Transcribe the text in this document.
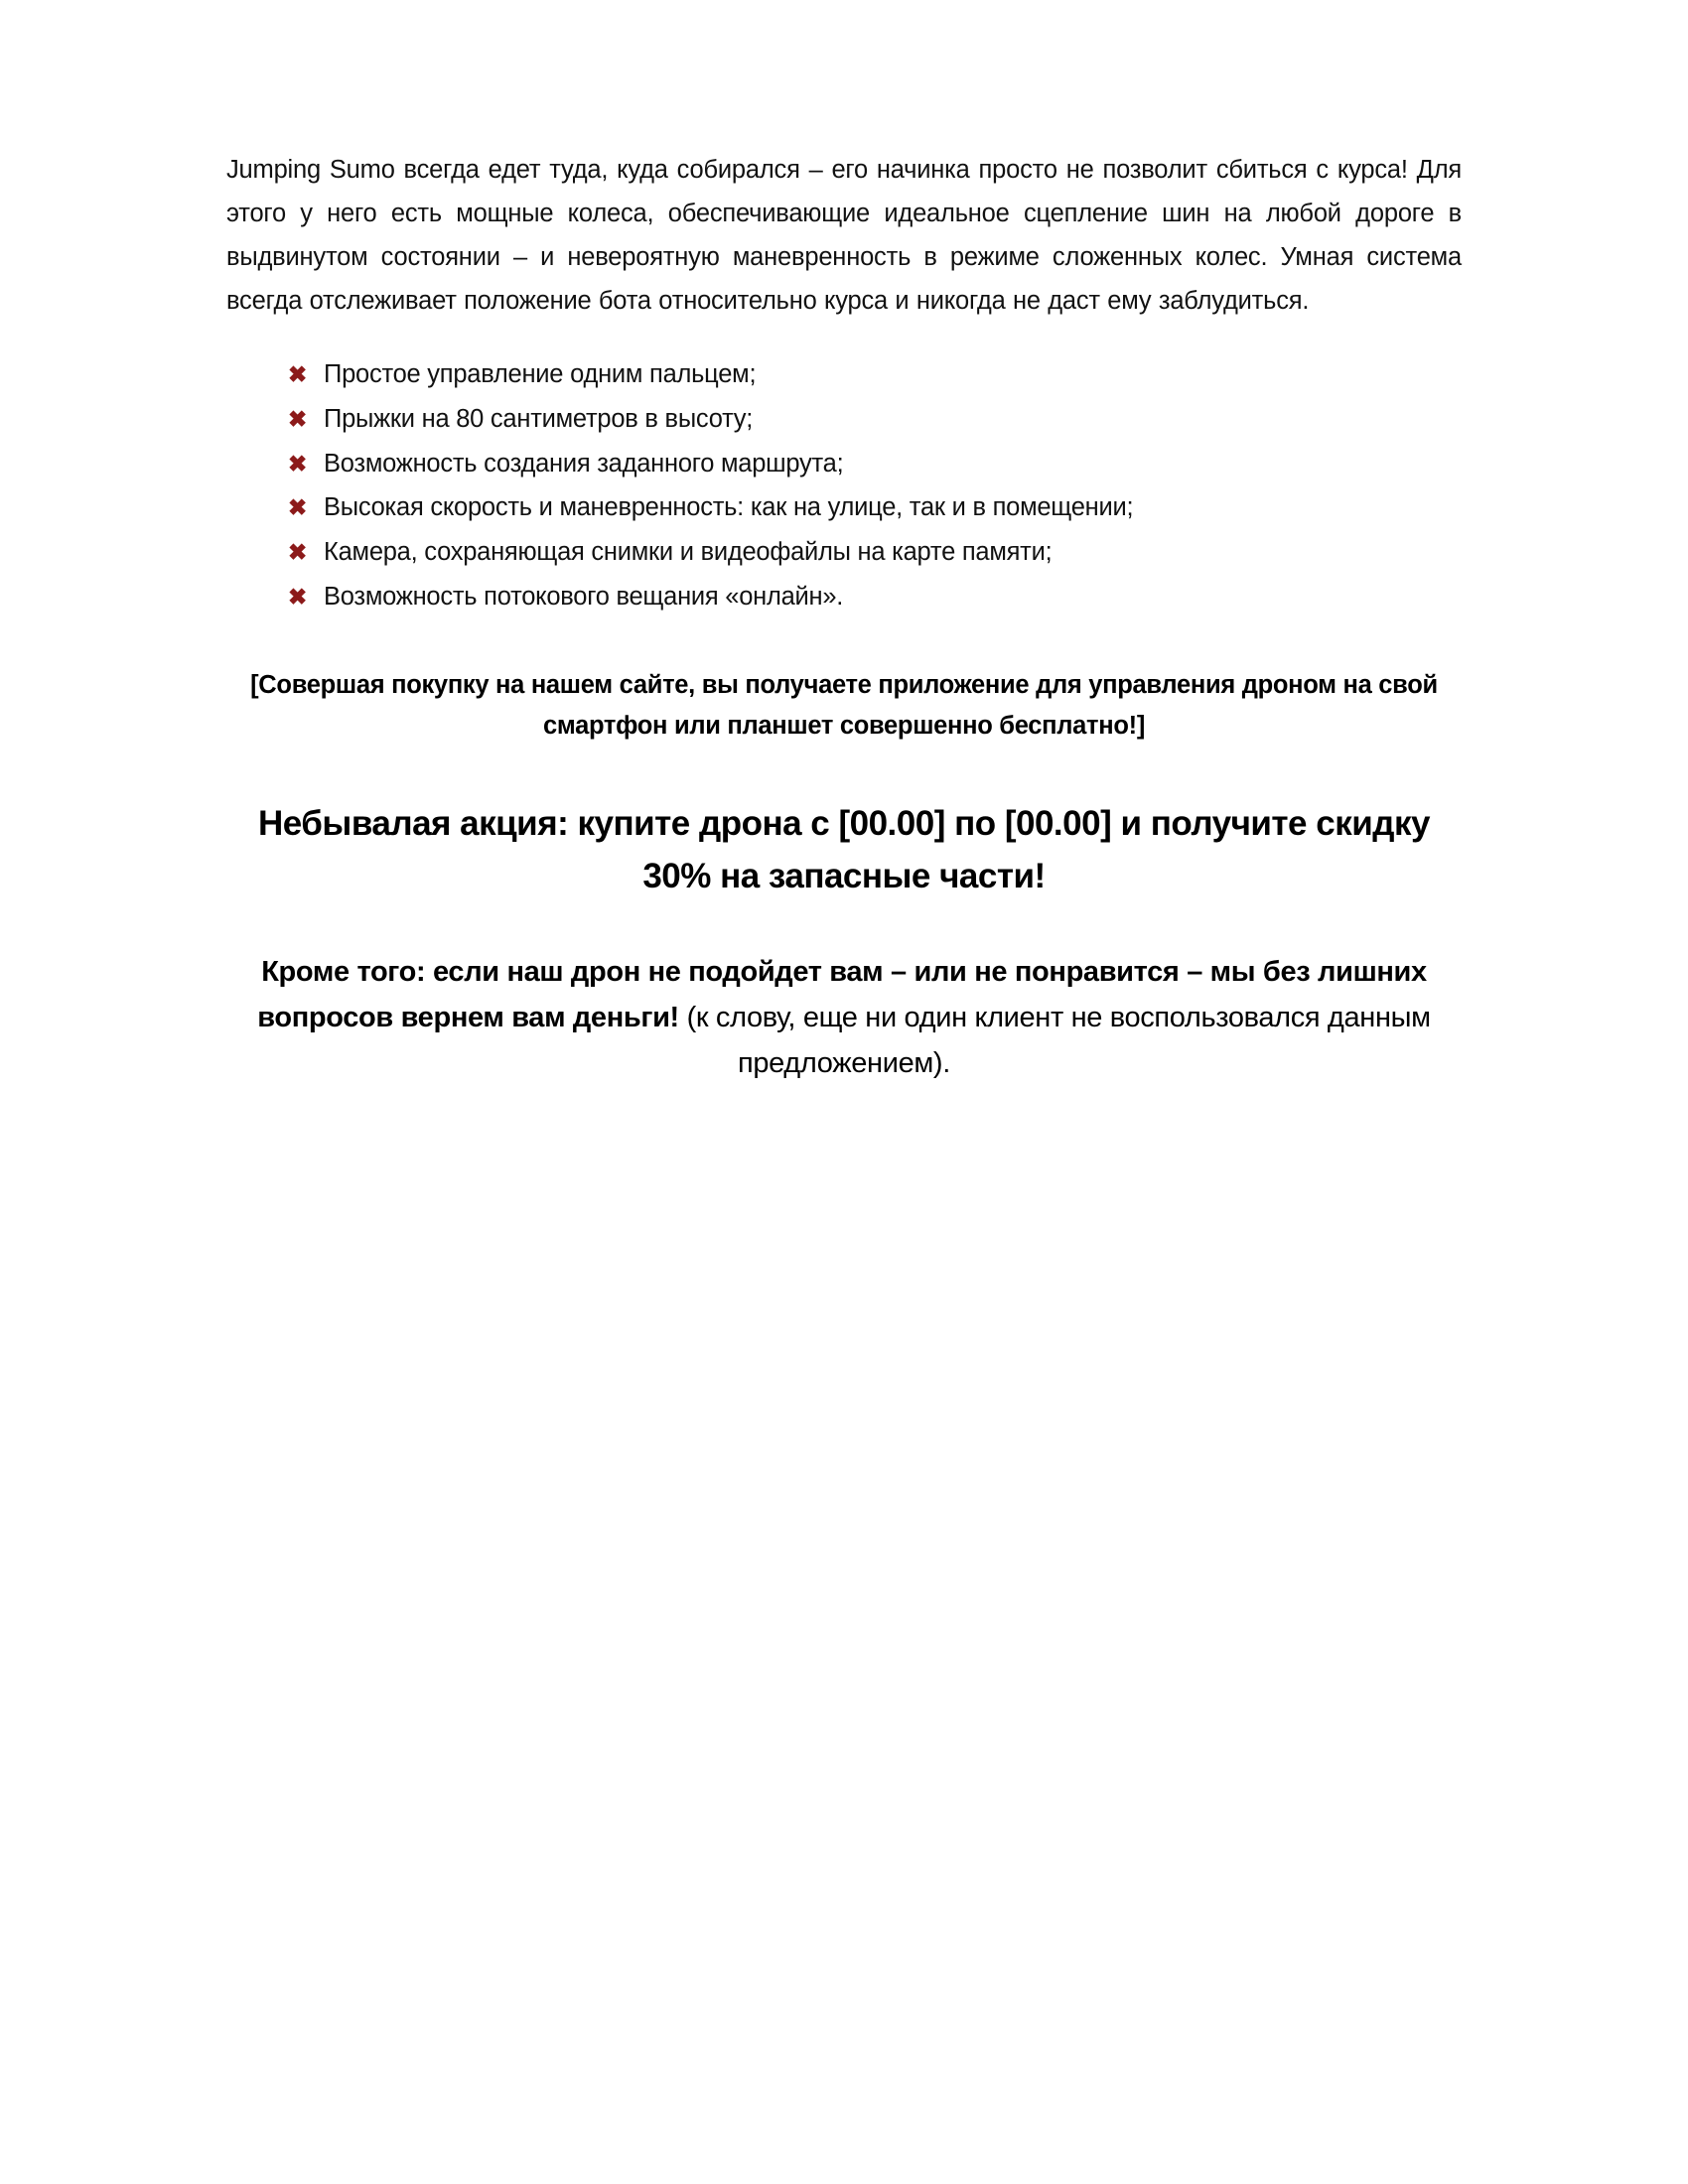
Jumping Sumo всегда едет туда, куда собирался – его начинка просто не позволит сбиться с курса! Для этого у него есть мощные колеса, обеспечивающие идеальное сцепление шин на любой дороге в выдвинутом состоянии – и невероятную маневренность в режиме сложенных колес. Умная система всегда отслеживает положение бота относительно курса и никогда не даст ему заблудиться.

✖ Простое управление одним пальцем;
✖ Прыжки на 80 сантиметров в высоту;
✖ Возможность создания заданного маршрута;
✖ Высокая скорость и маневренность: как на улице, так и в помещении;
✖ Камера, сохраняющая снимки и видеофайлы на карте памяти;
✖ Возможность потокового вещания «онлайн».

[Совершая покупку на нашем сайте, вы получаете приложение для управления дроном на свой смартфон или планшет совершенно бесплатно!]

Небывалая акция: купите дрона с [00.00] по [00.00] и получите скидку 30% на запасные части!

Кроме того: если наш дрон не подойдет вам – или не понравится – мы без лишних вопросов вернем вам деньги! (к слову, еще ни один клиент не воспользовался данным предложением).
